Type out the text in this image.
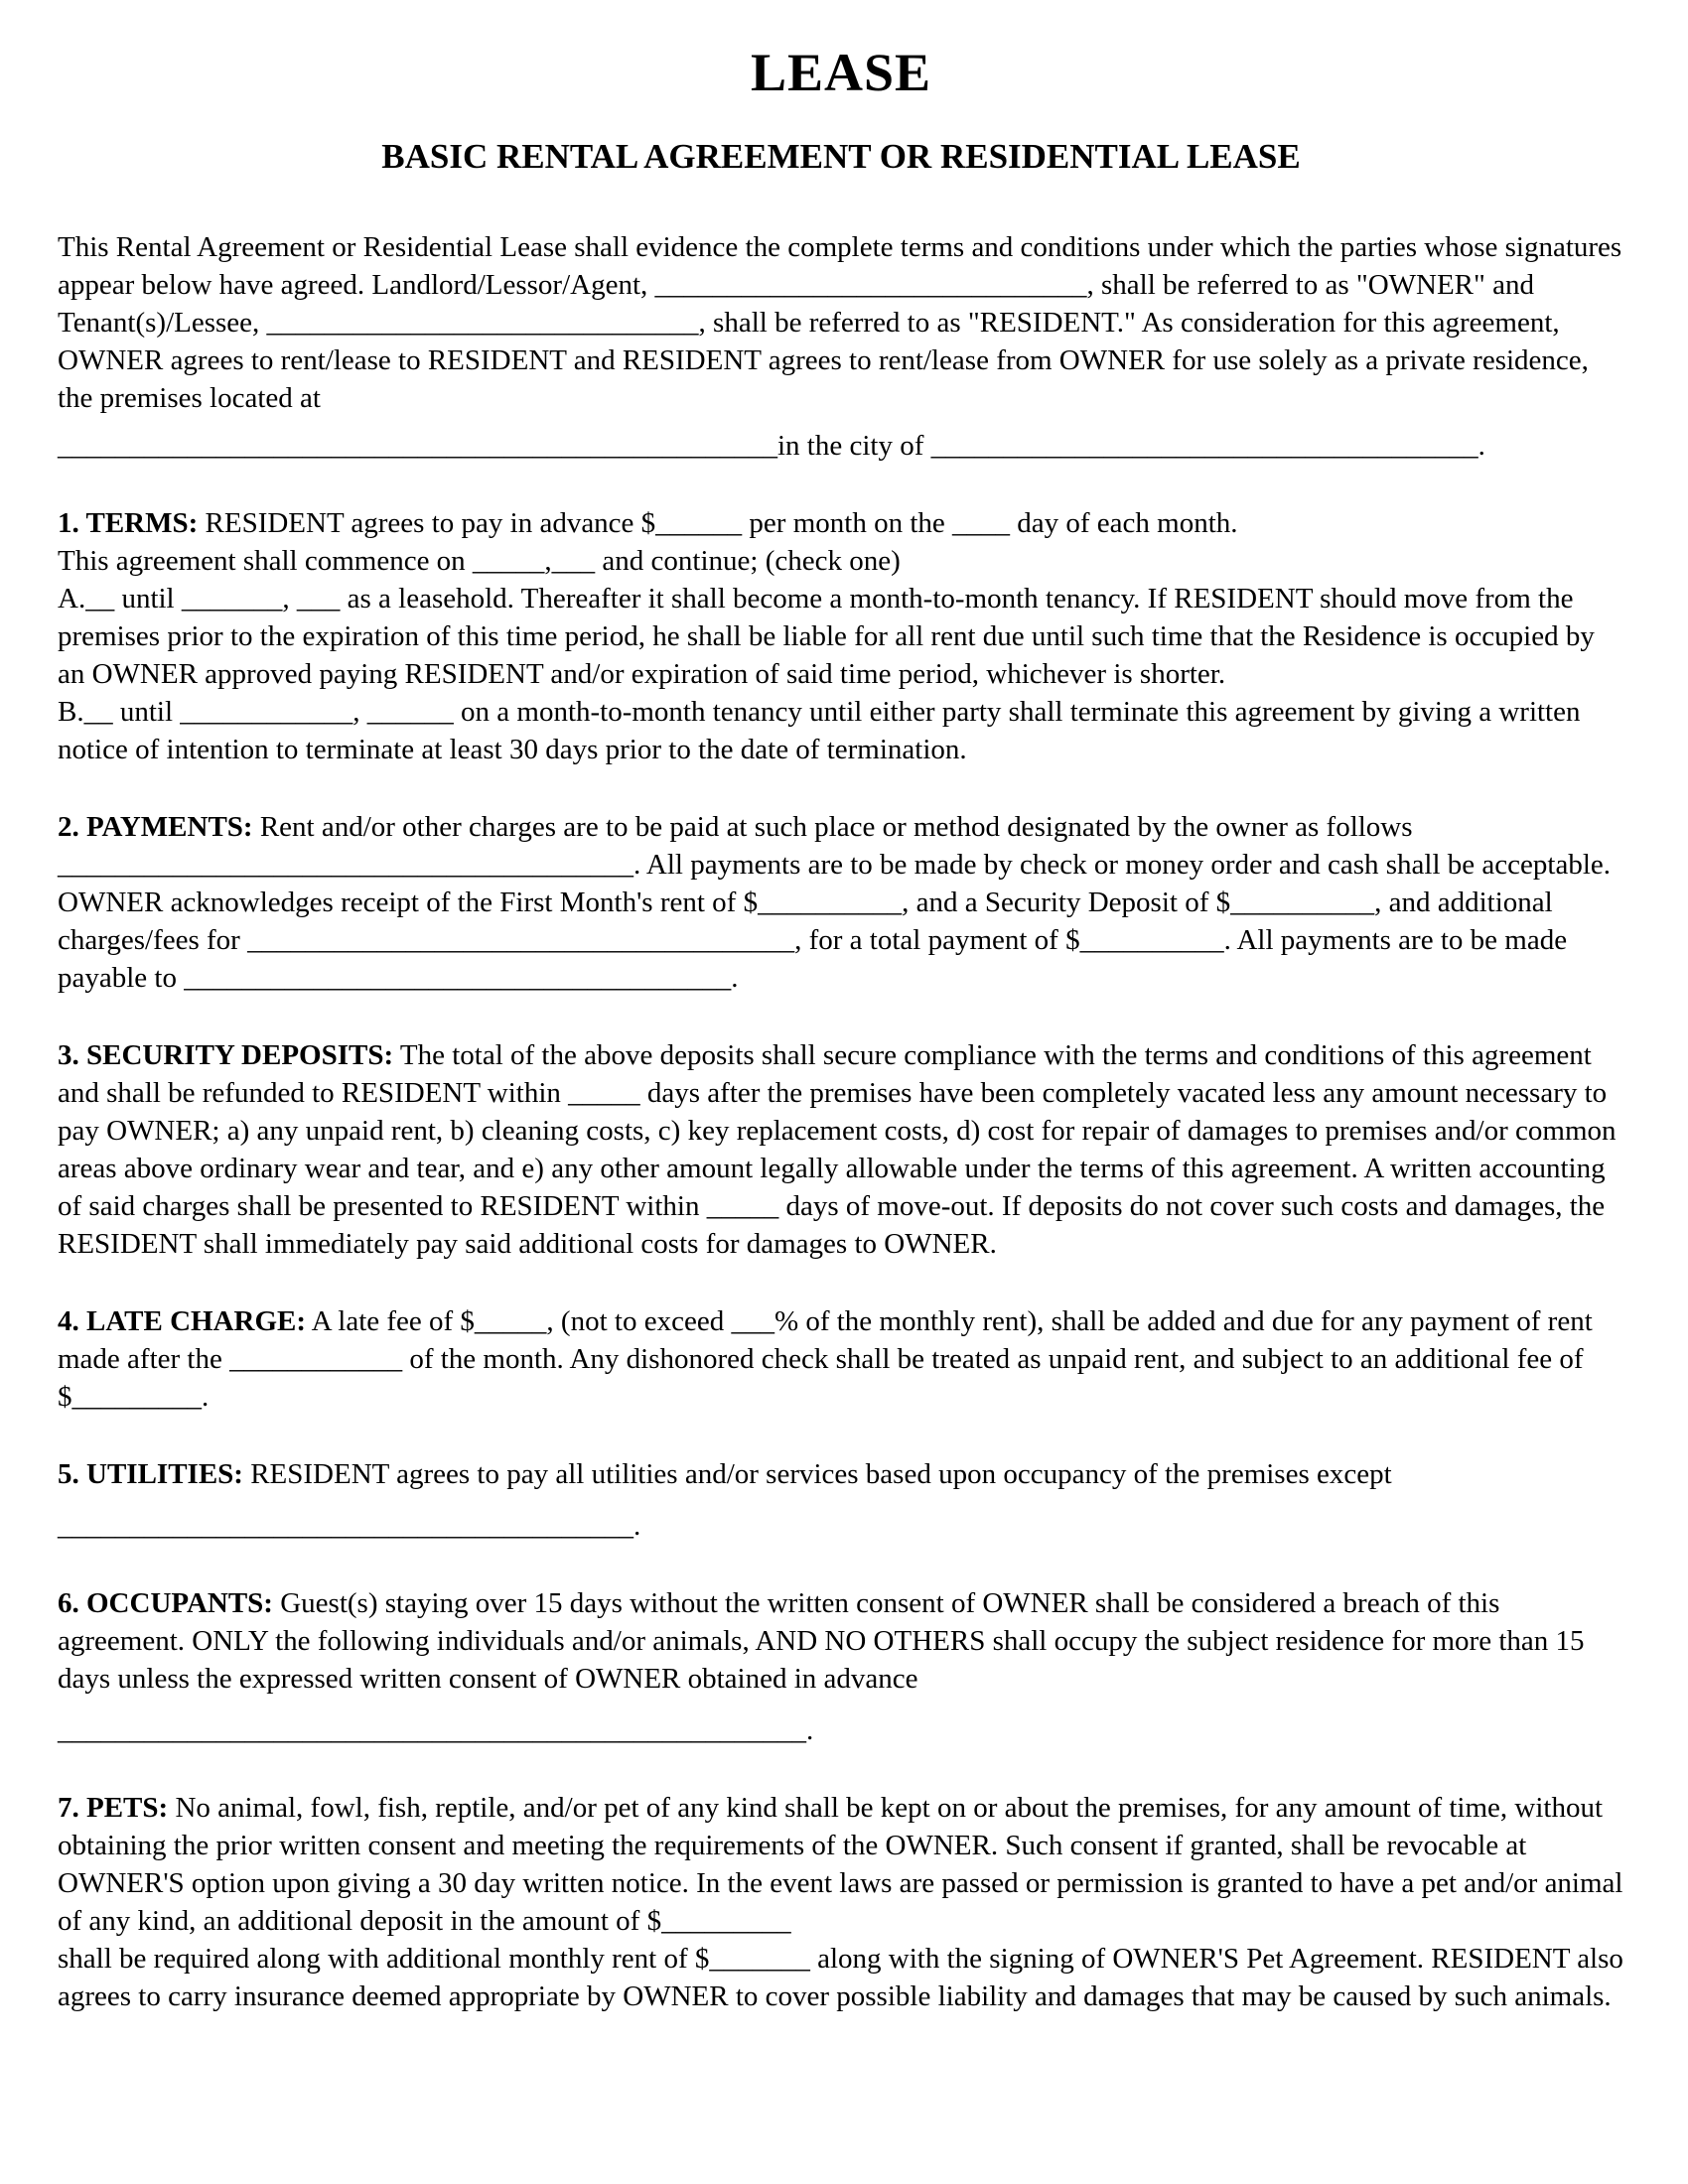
LEASE
BASIC RENTAL AGREEMENT OR RESIDENTIAL LEASE

This Rental Agreement or Residential Lease shall evidence the complete terms and conditions under which the parties whose signatures appear below have agreed. Landlord/Lessor/Agent, ______________________________, shall be referred to as "OWNER" and Tenant(s)/Lessee, ______________________________, shall be referred to as "RESIDENT." As consideration for this agreement, OWNER agrees to rent/lease to RESIDENT and RESIDENT agrees to rent/lease from OWNER for use solely as a private residence, the premises located at

__________________________________________________in the city of ______________________________________.

1. TERMS: RESIDENT agrees to pay in advance $______ per month on the ____ day of each month.

This agreement shall commence on _____,___ and continue; (check one)

A.__ until _______, ___ as a leasehold. Thereafter it shall become a month-to-month tenancy. If RESIDENT should move from the premises prior to the expiration of this time period, he shall be liable for all rent due until such time that the Residence is occupied by an OWNER approved paying RESIDENT and/or expiration of said time period, whichever is shorter.

B.__ until ____________, ______ on a month-to-month tenancy until either party shall terminate this agreement by giving a written notice of intention to terminate at least 30 days prior to the date of termination.

2. PAYMENTS: Rent and/or other charges are to be paid at such place or method designated by the owner as follows ________________________________________. All payments are to be made by check or money order and cash shall be acceptable. OWNER acknowledges receipt of the First Month's rent of $__________, and a Security Deposit of $__________, and additional charges/fees for ______________________________________, for a total payment of $__________. All payments are to be made payable to ______________________________________.

3. SECURITY DEPOSITS: The total of the above deposits shall secure compliance with the terms and conditions of this agreement and shall be refunded to RESIDENT within _____ days after the premises have been completely vacated less any amount necessary to pay OWNER; a) any unpaid rent, b) cleaning costs, c) key replacement costs, d) cost for repair of damages to premises and/or common areas above ordinary wear and tear, and e) any other amount legally allowable under the terms of this agreement. A written accounting of said charges shall be presented to RESIDENT within _____ days of move-out. If deposits do not cover such costs and damages, the RESIDENT shall immediately pay said additional costs for damages to OWNER.

4. LATE CHARGE: A late fee of $_____, (not to exceed ___% of the monthly rent), shall be added and due for any payment of rent made after the ____________ of the month. Any dishonored check shall be treated as unpaid rent, and subject to an additional fee of $_________.

5. UTILITIES: RESIDENT agrees to pay all utilities and/or services based upon occupancy of the premises except

________________________________________.

6. OCCUPANTS: Guest(s) staying over 15 days without the written consent of OWNER shall be considered a breach of this agreement. ONLY the following individuals and/or animals, AND NO OTHERS shall occupy the subject residence for more than 15 days unless the expressed written consent of OWNER obtained in advance

____________________________________________________.

7. PETS: No animal, fowl, fish, reptile, and/or pet of any kind shall be kept on or about the premises, for any amount of time, without obtaining the prior written consent and meeting the requirements of the OWNER. Such consent if granted, shall be revocable at OWNER'S option upon giving a 30 day written notice. In the event laws are passed or permission is granted to have a pet and/or animal of any kind, an additional deposit in the amount of $_________

shall be required along with additional monthly rent of $_______ along with the signing of OWNER'S Pet Agreement. RESIDENT also agrees to carry insurance deemed appropriate by OWNER to cover possible liability and damages that may be caused by such animals.
